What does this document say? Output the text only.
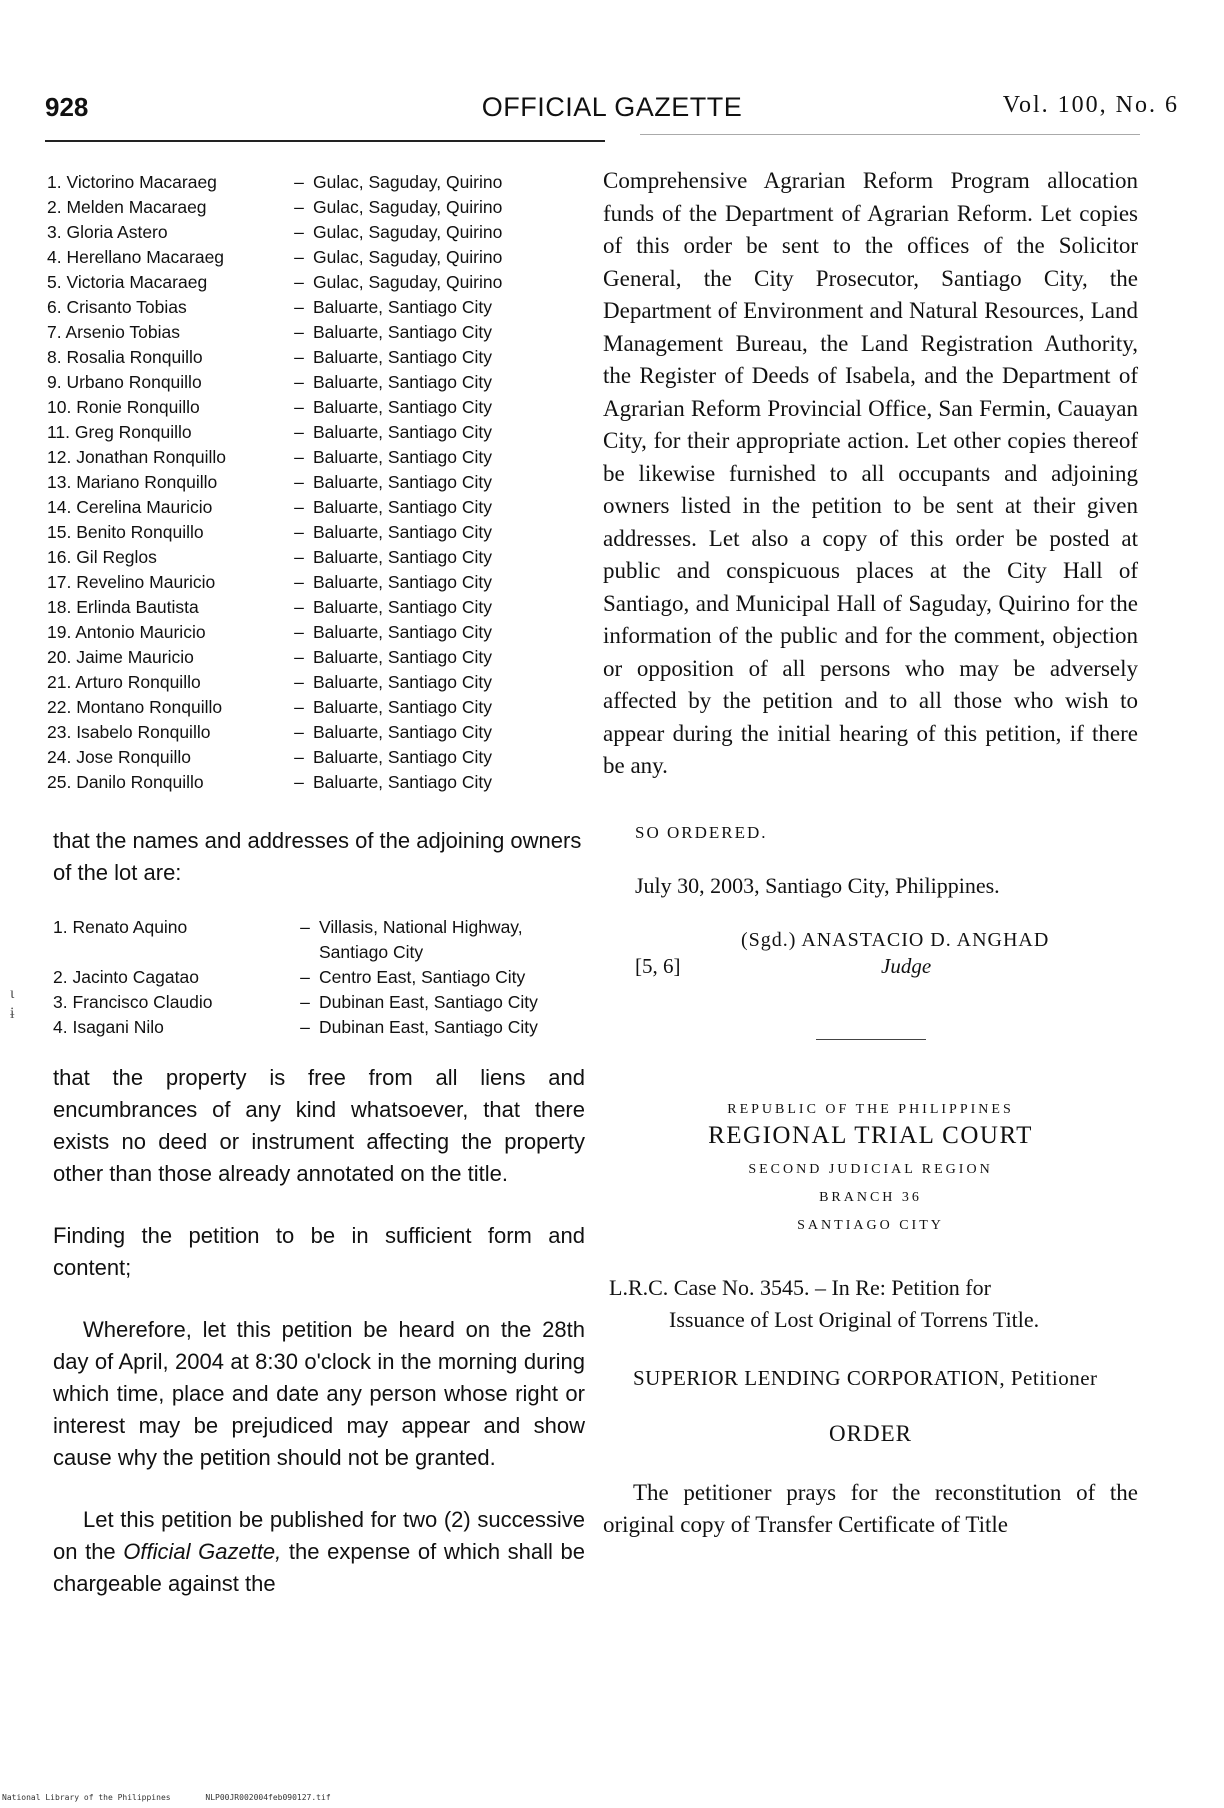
928	OFFICIAL GAZETTE	Vol. 100, No. 6
ι
ɨ
1. Victorino Macaraeg	– Gulac, Saguday, Quirino
2. Melden Macaraeg	– Gulac, Saguday, Quirino
3. Gloria Astero	– Gulac, Saguday, Quirino
4. Herellano Macaraeg	– Gulac, Saguday, Quirino
5. Victoria Macaraeg	– Gulac, Saguday, Quirino
6. Crisanto Tobias	– Baluarte, Santiago City
7. Arsenio Tobias	– Baluarte, Santiago City
8. Rosalia Ronquillo	– Baluarte, Santiago City
9. Urbano Ronquillo	– Baluarte, Santiago City
10. Ronie Ronquillo	– Baluarte, Santiago City
11. Greg Ronquillo	– Baluarte, Santiago City
12. Jonathan Ronquillo	– Baluarte, Santiago City
13. Mariano Ronquillo	– Baluarte, Santiago City
14. Cerelina Mauricio	– Baluarte, Santiago City
15. Benito Ronquillo	– Baluarte, Santiago City
16. Gil Reglos	– Baluarte, Santiago City
17. Revelino Mauricio	– Baluarte, Santiago City
18. Erlinda Bautista	– Baluarte, Santiago City
19. Antonio Mauricio	– Baluarte, Santiago City
20. Jaime Mauricio	– Baluarte, Santiago City
21. Arturo Ronquillo	– Baluarte, Santiago City
22. Montano Ronquillo	– Baluarte, Santiago City
23. Isabelo Ronquillo	– Baluarte, Santiago City
24. Jose Ronquillo	– Baluarte, Santiago City
25. Danilo Ronquillo	– Baluarte, Santiago City
that the names and addresses of the adjoining owners of the lot are:
1. Renato Aquino	– Villasis, National Highway, Santiago City
2. Jacinto Cagatao	– Centro East, Santiago City
3. Francisco Claudio	– Dubinan East, Santiago City
4. Isagani Nilo	– Dubinan East, Santiago City
that the property is free from all liens and encumbrances of any kind whatsoever, that there exists no deed or instrument affecting the property other than those already annotated on the title.
Finding the petition to be in sufficient form and content;
Wherefore, let this petition be heard on the 28th day of April, 2004 at 8:30 o'clock in the morning during which time, place and date any person whose right or interest may be prejudiced may appear and show cause why the petition should not be granted.
Let this petition be published for two (2) successive on the Official Gazette, the expense of which shall be chargeable against the
Comprehensive Agrarian Reform Program allocation funds of the Department of Agrarian Reform. Let copies of this order be sent to the offices of the Solicitor General, the City Prosecutor, Santiago City, the Department of Environment and Natural Resources, Land Management Bureau, the Land Registration Authority, the Register of Deeds of Isabela, and the Department of Agrarian Reform Provincial Office, San Fermin, Cauayan City, for their appropriate action. Let other copies thereof be likewise furnished to all occupants and adjoining owners listed in the petition to be sent at their given addresses. Let also a copy of this order be posted at public and conspicuous places at the City Hall of Santiago, and Municipal Hall of Saguday, Quirino for the information of the public and for the comment, objection or opposition of all persons who may be adversely affected by the petition and to all those who wish to appear during the initial hearing of this petition, if there be any.
SO ORDERED.
July 30, 2003, Santiago City, Philippines.
(Sgd.) ANASTACIO D. ANGHAD
[5, 6]	Judge
REPUBLIC OF THE PHILIPPINES
REGIONAL TRIAL COURT
SECOND JUDICIAL REGION
BRANCH 36
SANTIAGO CITY
L.R.C. Case No. 3545. – In Re: Petition for
Issuance of Lost Original of Torrens Title.
SUPERIOR LENDING CORPORATION, Petitioner
ORDER
The petitioner prays for the reconstitution of the original copy of Transfer Certificate of Title
National Library of the Philippines	NLP00JR002004feb090127.tif
